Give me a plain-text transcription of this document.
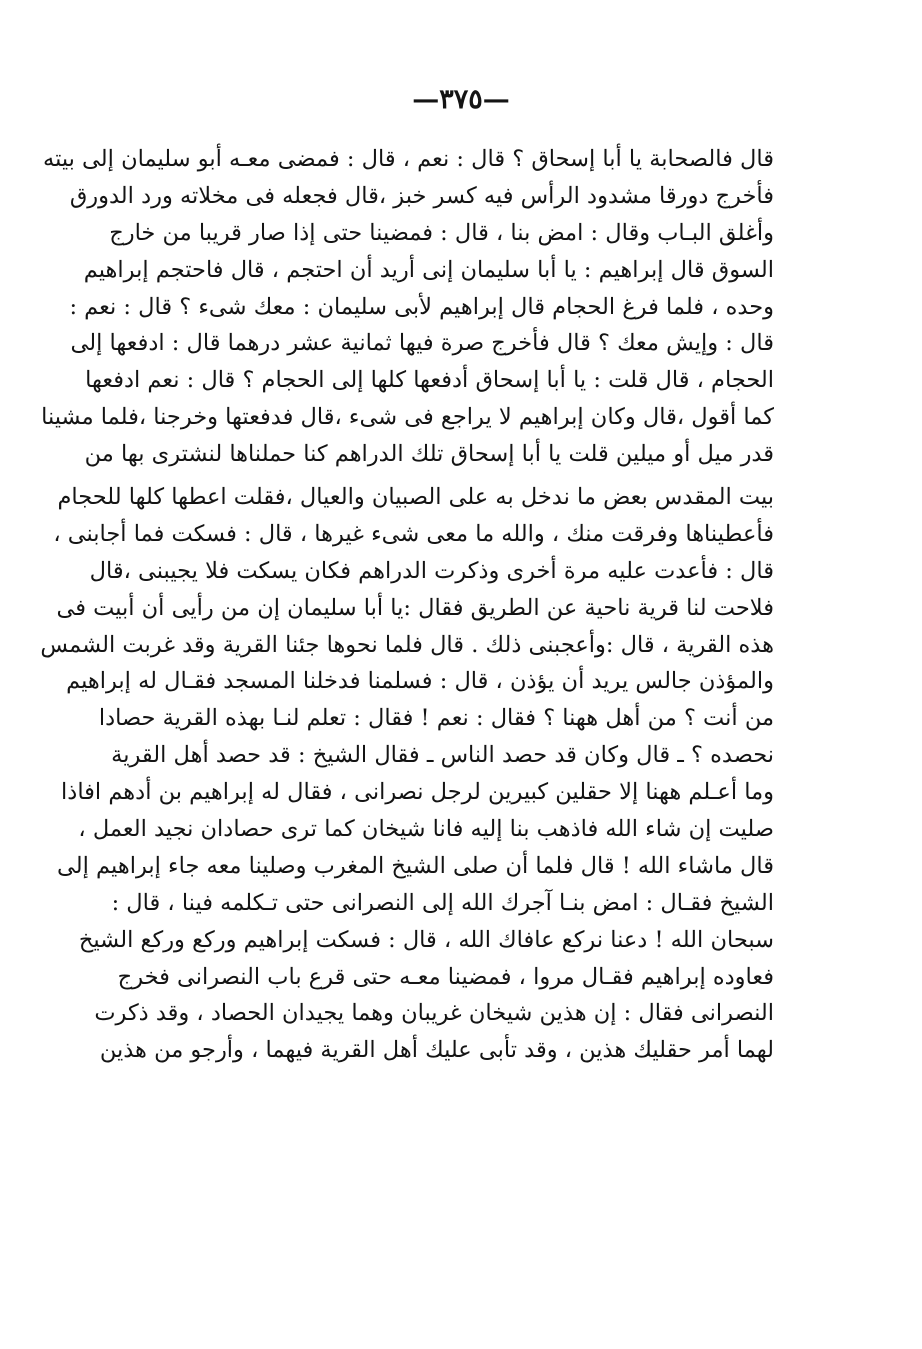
—٣٧٥—
قال فالصحابة يا أبا إسحاق ؟ قال : نعم ، قال : فمضى معـه أبو سليمان إلى بيته
فأخرج دورقا مشدود الرأس فيه كسر خبز ،قال فجعله فى مخلاته ورد الدورق
وأغلق البـاب وقال : امض بنا ، قال : فمضينا حتى إذا صار قريبا من خارج
السوق قال إبراهيم : يا أبا سليمان إنى أريد أن احتجم ، قال فاحتجم إبراهيم
وحده ، فلما فرغ الحجام قال إبراهيم لأبى سليمان : معك شىء ؟ قال : نعم :
قال : وإيش معك ؟ قال فأخرج صرة فيها ثمانية عشر درهما قال : ادفعها إلى
الحجام ، قال قلت : يا أبا إسحاق أدفعها كلها إلى الحجام ؟ قال : نعم ادفعها
كما أقول ،قال وكان إبراهيم لا يراجع فى شىء ،قال فدفعتها وخرجنا ،فلما مشينا
قدر ميل أو ميلين قلت يا أبا إسحاق تلك الدراهم كنا حملناها لنشترى بها من
بيت المقدس بعض ما ندخل به على الصبيان والعيال ،فقلت اعطها كلها للحجام
فأعطيناها وفرقت منك ، والله ما معى شىء غيرها ، قال : فسكت فما أجابنى ،
قال : فأعدت عليه مرة أخرى وذكرت الدراهم فكان يسكت فلا يجيبنى ،قال
فلاحت لنا قرية ناحية عن الطريق فقال :يا أبا سليمان إن من رأيى أن أبيت فى
هذه القرية ، قال :وأعجبنى ذلك . قال فلما نحوها جئنا القرية وقد غربت الشمس
والمؤذن جالس يريد أن يؤذن ، قال : فسلمنا فدخلنا المسجد فقـال له إبراهيم
من أنت ؟ من أهل ههنا ؟ فقال : نعم ! فقال : تعلم لنـا بهذه القرية حصادا
نحصده ؟ ـ قال وكان قد حصد الناس ـ فقال الشيخ : قد حصد أهل القرية
وما أعـلم ههنا إلا حقلين كبيرين لرجل نصرانى ، فقال له إبراهيم بن أدهم افاذا
صليت إن شاء الله فاذهب بنا إليه فانا شيخان كما ترى حصادان نجيد العمل ،
قال ماشاء الله ! قال فلما أن صلى الشيخ المغرب وصلينا معه جاء إبراهيم إلى
الشيخ فقـال : امض بنـا آجرك الله إلى النصرانى حتى تـكلمه فينا ، قال :
سبحان الله ! دعنا نركع عافاك الله ، قال : فسكت إبراهيم وركع وركع الشيخ
فعاوده إبراهيم فقـال مروا ، فمضينا معـه حتى قرع باب النصرانى فخرج
النصرانى فقال : إن هذين شيخان غريبان وهما يجيدان الحصاد ، وقد ذكرت
لهما أمر حقليك هذين ، وقد تأبى عليك أهل القرية فيهما ، وأرجو من هذين
